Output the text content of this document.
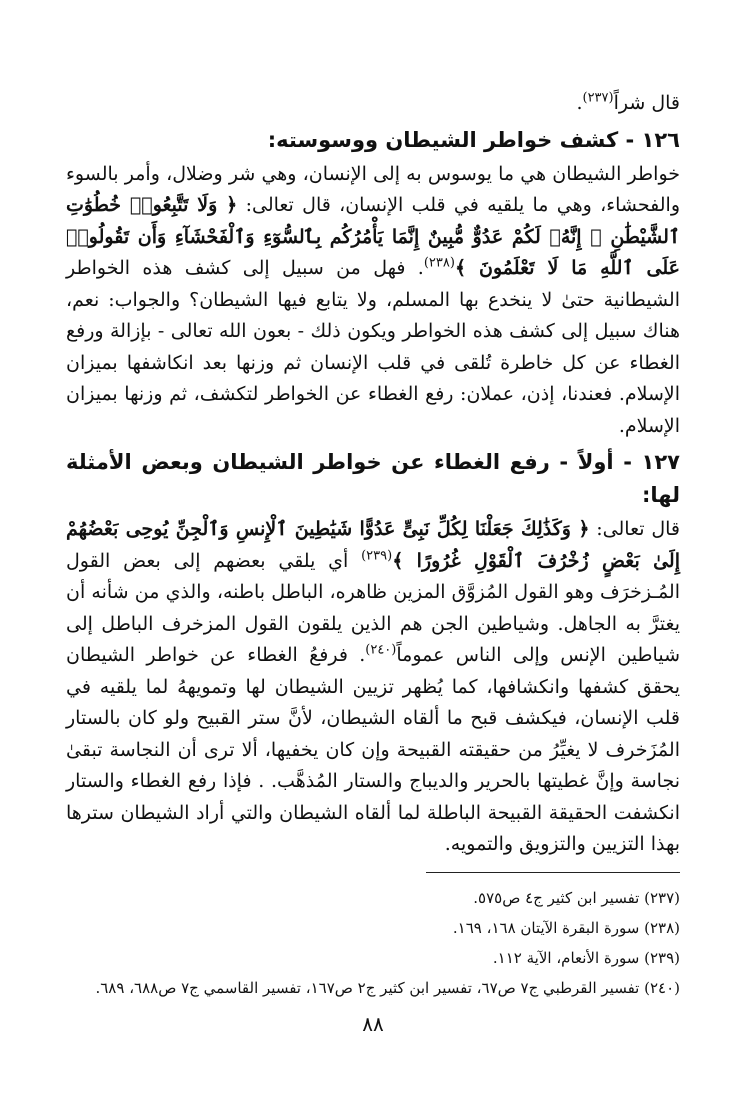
قال شراً$^{(٢٣٧)}$.

١٢٦ - كشف خواطر الشيطان ووسوسته:

خواطر الشيطان هي ما يوسوس به إلى الإنسان، وهي شر وضلال، وأمر بالسوء والفحشاء، وهي ما يلقيه في قلب الإنسان، قال تعالى: ﴿ وَلَا تَتَّبِعُوا۟ خُطُوَٰتِ ٱلشَّيْطَٰنِ ۚ إِنَّهُۥ لَكُمْ عَدُوٌّ مُّبِينٌ إِنَّمَا يَأْمُرُكُم بِٱلسُّوٓءِ وَٱلْفَحْشَآءِ وَأَن تَقُولُوا۟ عَلَى ٱللَّهِ مَا لَا تَعْلَمُونَ ﴾$^{(٢٣٨)}$. فهل من سبيل إلى كشف هذه الخواطر الشيطانية حتىٰ لا ينخدع بها المسلم، ولا يتابع فيها الشيطان؟ والجواب: نعم، هناك سبيل إلى كشف هذه الخواطر ويكون ذلك - بعون الله تعالى - بإزالة ورفع الغطاء عن كل خاطرة تُلقى في قلب الإنسان ثم وزنها بعد انكاشفها بميزان الإسلام. فعندنا، إذن، عملان: رفع الغطاء عن الخواطر لتكشف، ثم وزنها بميزان الإسلام.

١٢٧ - أولاً - رفع الغطاء عن خواطر الشيطان وبعض الأمثلة لها:

قال تعالى: ﴿ وَكَذَٰلِكَ جَعَلْنَا لِكُلِّ نَبِىٍّ عَدُوًّا شَيَٰطِينَ ٱلْإِنسِ وَٱلْجِنِّ يُوحِى بَعْضُهُمْ إِلَىٰ بَعْضٍ زُخْرُفَ ٱلْقَوْلِ غُرُورًا ﴾$^{(٢٣٩)}$ أي يلقي بعضهم إلى بعض القول المُـزخرَف وهو القول المُزوَّق المزين ظاهره، الباطل باطنه، والذي من شأنه أن يغترَّ به الجاهل. وشياطين الجن هم الذين يلقون القول المزخرف الباطل إلى شياطين الإنس وإلى الناس عموماً$^{(٢٤٠)}$. فرفعُ الغطاء عن خواطر الشيطان يحقق كشفها وانكشافها، كما يُظهر تزيين الشيطان لها وتمويههُ لما يلقيه في قلب الإنسان، فيكشف قبح ما ألقاه الشيطان، لأنَّ ستر القبيح ولو كان بالستار المُزَخرف لا يغيِّرُ من حقيقته القبيحة وإن كان يخفيها، ألا ترى أن النجاسة تبقىٰ نجاسة وإنَّ غطيتها بالحرير والديباج والستار المُذهَّب. . فإذا رفع الغطاء والستار انكشفت الحقيقة القبيحة الباطلة لما ألقاه الشيطان والتي أراد الشيطان سترها بهذا التزيين والتزويق والتمويه.

(٢٣٧) تفسير ابن كثير ج٤ ص٥٧٥.

(٢٣٨) سورة البقرة الآيتان ١٦٨، ١٦٩.

(٢٣٩) سورة الأنعام، الآية ١١٢.

(٢٤٠) تفسير القرطبي ج٧ ص٦٧، تفسير ابن كثير ج٢ ص١٦٧، تفسير القاسمي ج٧ ص٦٨٨، ٦٨٩.

٨٨
